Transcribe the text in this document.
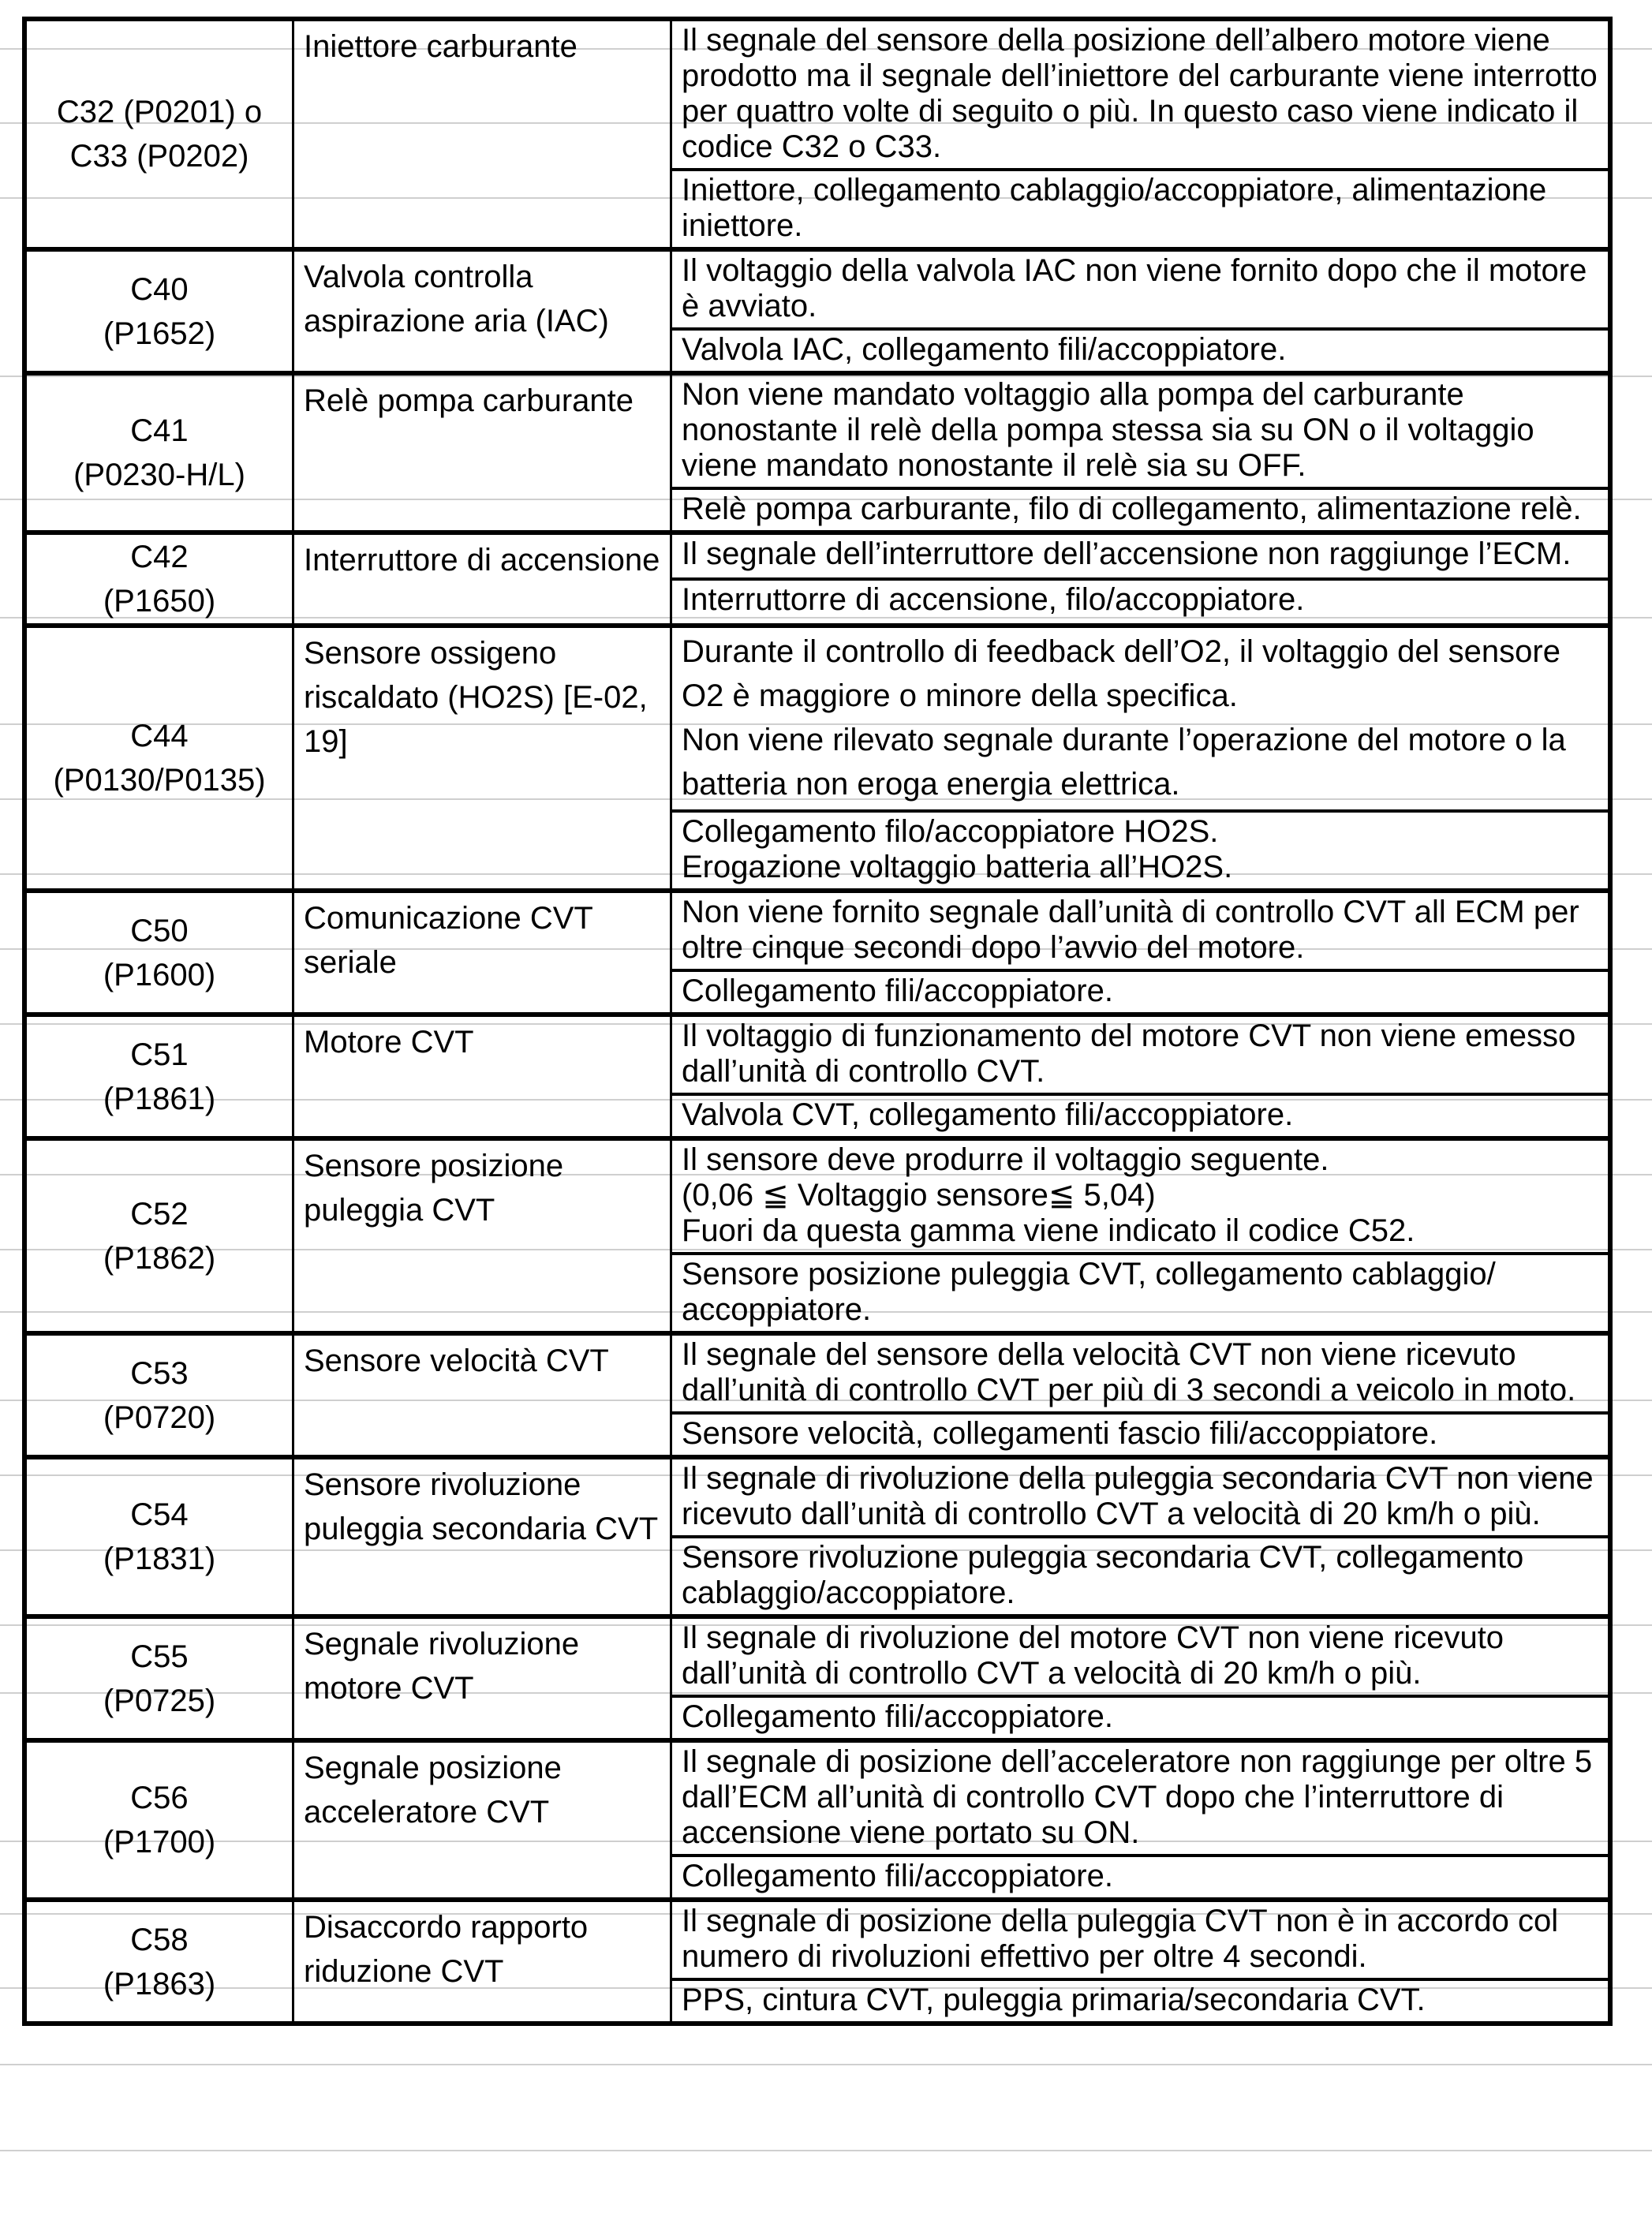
C32 (P0201) o
C33 (P0202)	Iniettore carburante	Il segnale del sensore della posizione dell’albero motore viene prodotto ma il segnale dell’iniettore del carburante viene interrotto per quattro volte di seguito o più. In questo caso viene indicato il codice C32 o C33.

		Iniettore, collegamento cablaggio/accoppiatore, alimentazione iniettore.

C40
(P1652)	Valvola controlla aspirazione aria (IAC)	Il voltaggio della valvola IAC non viene fornito dopo che il motore è avviato.

		Valvola IAC, collegamento fili/accoppiatore.

C41
(P0230-H/L)	Relè pompa carburante	Non viene mandato voltaggio alla pompa del carburante nonostante il relè della pompa stessa sia su ON o il voltaggio viene mandato nonostante il relè sia su OFF.

		Relè pompa carburante, filo di collegamento, alimentazione relè.

C42
(P1650)	Interruttore di accensione	Il segnale dell’interruttore dell’accensione non raggiunge l’ECM.

		Interruttorre di accensione, filo/accoppiatore.

C44
(P0130/P0135)	Sensore ossigeno riscaldato (HO2S) [E-02, 19]	Durante il controllo di feedback dell’O2, il voltaggio del sensore O2 è maggiore o minore della specifica.
Non viene rilevato segnale durante l’operazione del motore o la batteria non eroga energia elettrica.

		Collegamento filo/accoppiatore HO2S.
Erogazione voltaggio batteria all’HO2S.

C50
(P1600)	Comunicazione CVT seriale	Non viene fornito segnale dall’unità di controllo CVT all ECM per oltre cinque secondi dopo l’avvio del motore.

		Collegamento fili/accoppiatore.

C51
(P1861)	Motore CVT	Il voltaggio di funzionamento del motore CVT non viene emesso dall’unità di controllo CVT.

		Valvola CVT, collegamento fili/accoppiatore.

C52
(P1862)	Sensore posizione puleggia CVT	Il sensore deve produrre il voltaggio seguente.
(0,06 ≦ Voltaggio sensore≦ 5,04)
Fuori da questa gamma viene indicato il codice C52.

		Sensore posizione puleggia CVT, collegamento cablaggio/ accoppiatore.

C53
(P0720)	Sensore velocità CVT	Il segnale del sensore della velocità CVT non viene ricevuto dall’unità di controllo CVT per più di 3 secondi a veicolo in moto.

		Sensore velocità, collegamenti fascio fili/accoppiatore.

C54
(P1831)	Sensore rivoluzione puleggia secondaria CVT	Il segnale di rivoluzione della puleggia secondaria CVT non viene ricevuto dall’unità di controllo CVT a velocità di 20 km/h o più.

		Sensore rivoluzione puleggia secondaria CVT, collegamento cablaggio/accoppiatore.

C55
(P0725)	Segnale rivoluzione motore CVT	Il segnale di rivoluzione del motore CVT non viene ricevuto dall’unità di controllo CVT a velocità di 20 km/h o più.

		Collegamento fili/accoppiatore.

C56
(P1700)	Segnale posizione acceleratore CVT	Il segnale di posizione dell’acceleratore non raggiunge per oltre 5 dall’ECM all’unità di controllo CVT dopo che l’interruttore di accensione viene portato su ON.

		Collegamento fili/accoppiatore.

C58
(P1863)	Disaccordo rapporto riduzione CVT	Il segnale di posizione della puleggia CVT non è in accordo col numero di rivoluzioni effettivo per oltre 4 secondi.

		PPS, cintura CVT, puleggia primaria/secondaria CVT.
